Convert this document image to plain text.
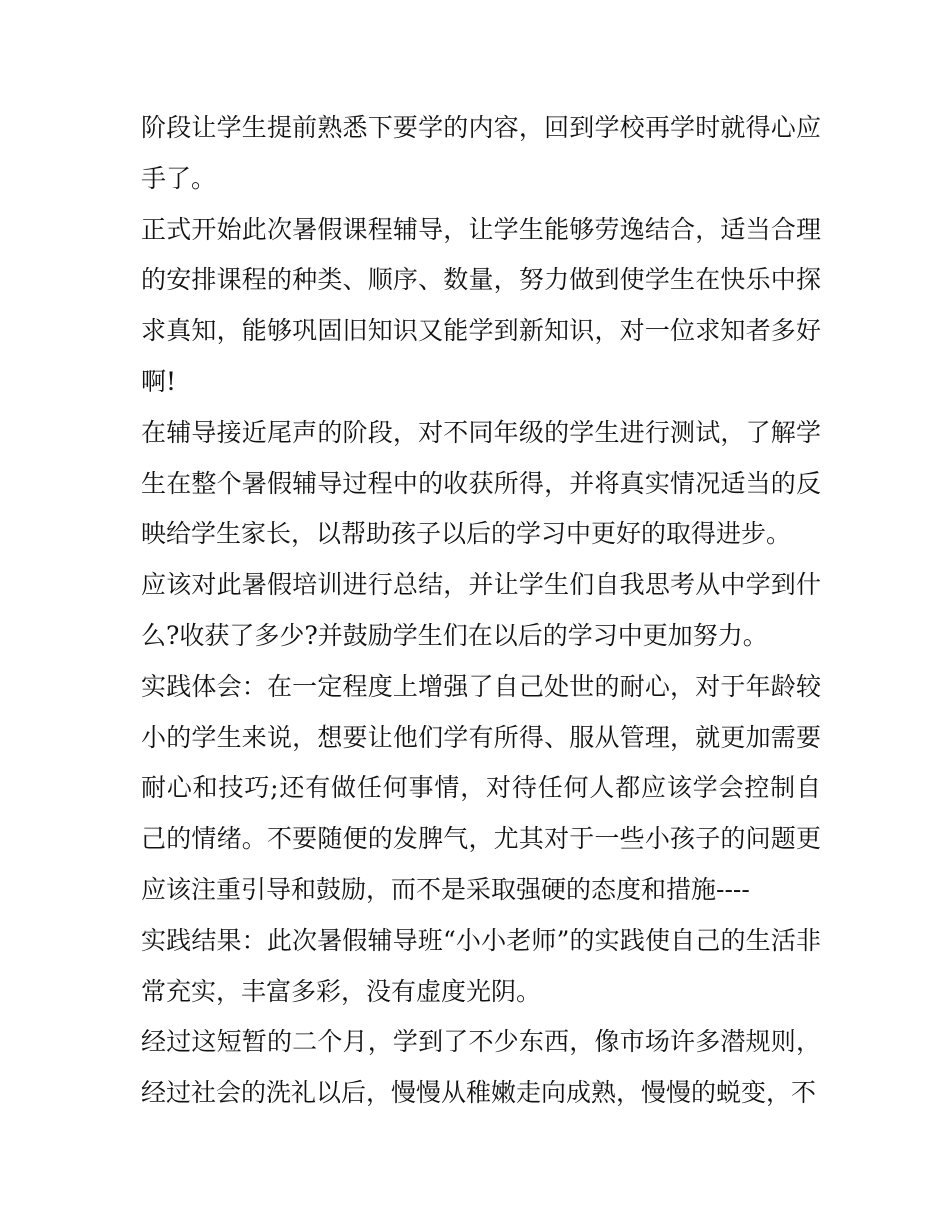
阶段让学生提前熟悉下要学的内容，回到学校再学时就得心应手了。

正式开始此次暑假课程辅导，让学生能够劳逸结合，适当合理的安排课程的种类、顺序、数量，努力做到使学生在快乐中探求真知，能够巩固旧知识又能学到新知识，对一位求知者多好啊!

在辅导接近尾声的阶段，对不同年级的学生进行测试，了解学生在整个暑假辅导过程中的收获所得，并将真实情况适当的反映给学生家长，以帮助孩子以后的学习中更好的取得进步。

应该对此暑假培训进行总结，并让学生们自我思考从中学到什么?收获了多少?并鼓励学生们在以后的学习中更加努力。

实践体会：在一定程度上增强了自己处世的耐心，对于年龄较小的学生来说，想要让他们学有所得、服从管理，就更加需要耐心和技巧;还有做任何事情，对待任何人都应该学会控制自己的情绪。不要随便的发脾气，尤其对于一些小孩子的问题更应该注重引导和鼓励，而不是采取强硬的态度和措施----

实践结果：此次暑假辅导班“小小老师”的实践使自己的生活非常充实，丰富多彩，没有虚度光阴。

经过这短暂的二个月，学到了不少东西，像市场许多潜规则，经过社会的洗礼以后，慢慢从稚嫩走向成熟，慢慢的蜕变，不
